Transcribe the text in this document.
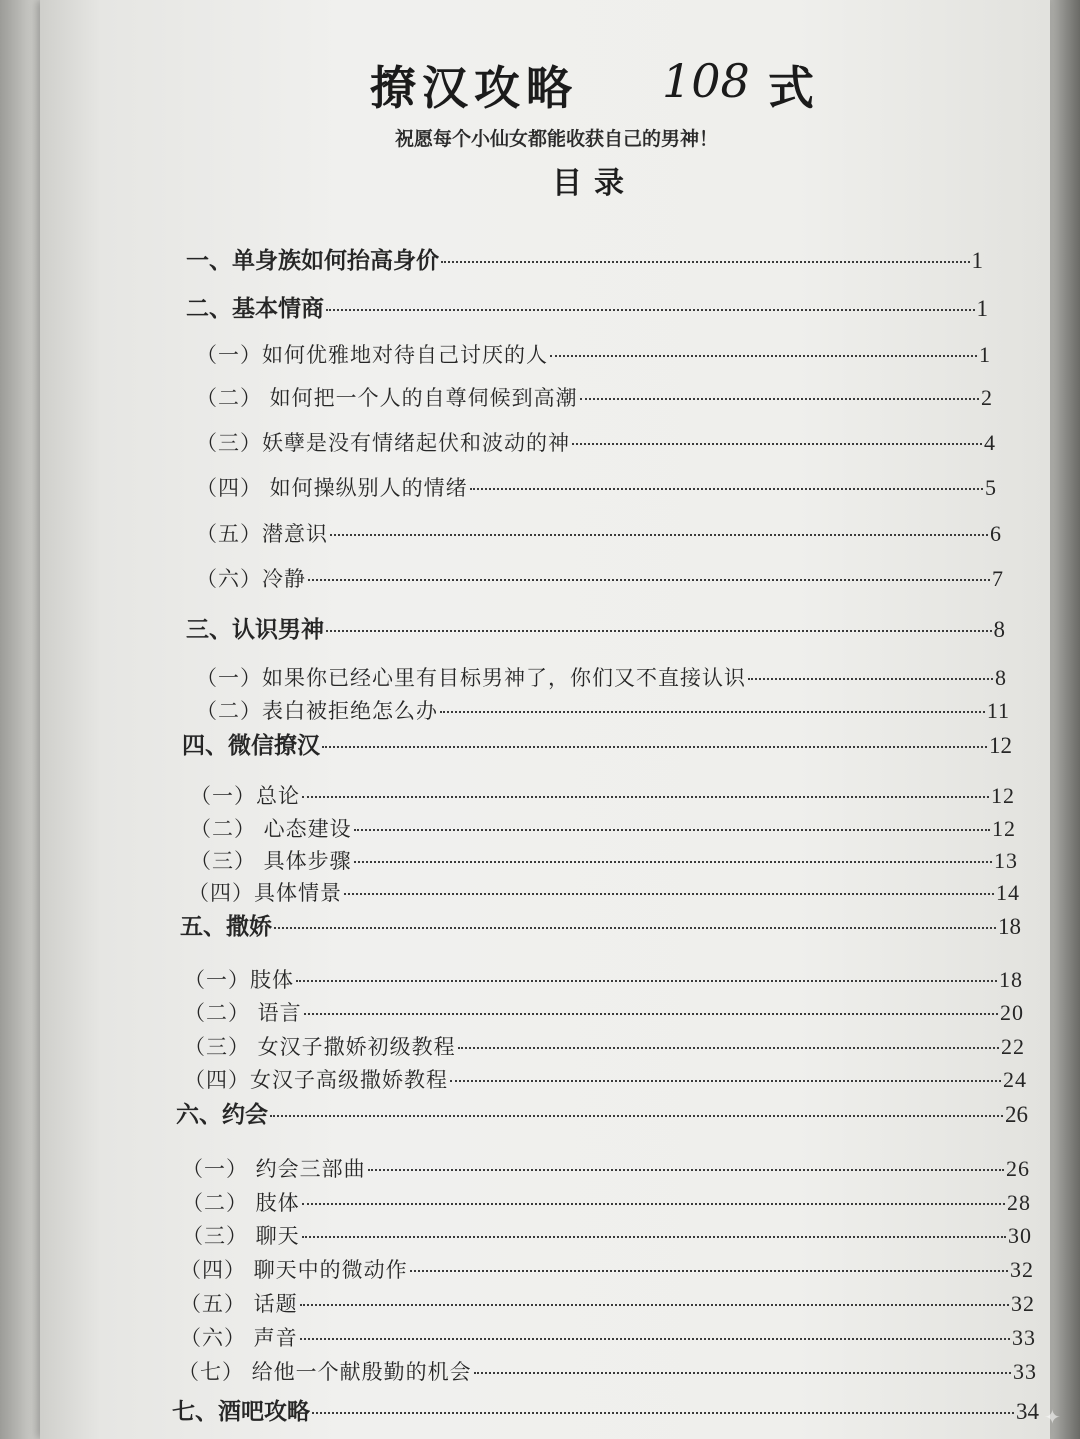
撩汉攻略 108 式
祝愿每个小仙女都能收获自己的男神！
目录
一、单身族如何抬高身价	1
二、基本情商	1
（一）如何优雅地对待自己讨厌的人	1
（二） 如何把一个人的自尊伺候到高潮	2
（三）妖孽是没有情绪起伏和波动的神	4
（四） 如何操纵别人的情绪	5
（五）潜意识	6
（六）冷静	7
三、认识男神	8
（一）如果你已经心里有目标男神了，你们又不直接认识	8
（二）表白被拒绝怎么办	11
四、微信撩汉	12
（一）总论	12
（二） 心态建设	12
（三） 具体步骤	13
（四）具体情景	14
五、撒娇	18
（一）肢体	18
（二） 语言	20
（三） 女汉子撒娇初级教程	22
（四）女汉子高级撒娇教程	24
六、约会	26
（一） 约会三部曲	26
（二） 肢体	28
（三） 聊天	30
（四） 聊天中的微动作	32
（五） 话题	32
（六） 声音	33
（七） 给他一个献殷勤的机会	33
七、酒吧攻略	34 ✦
